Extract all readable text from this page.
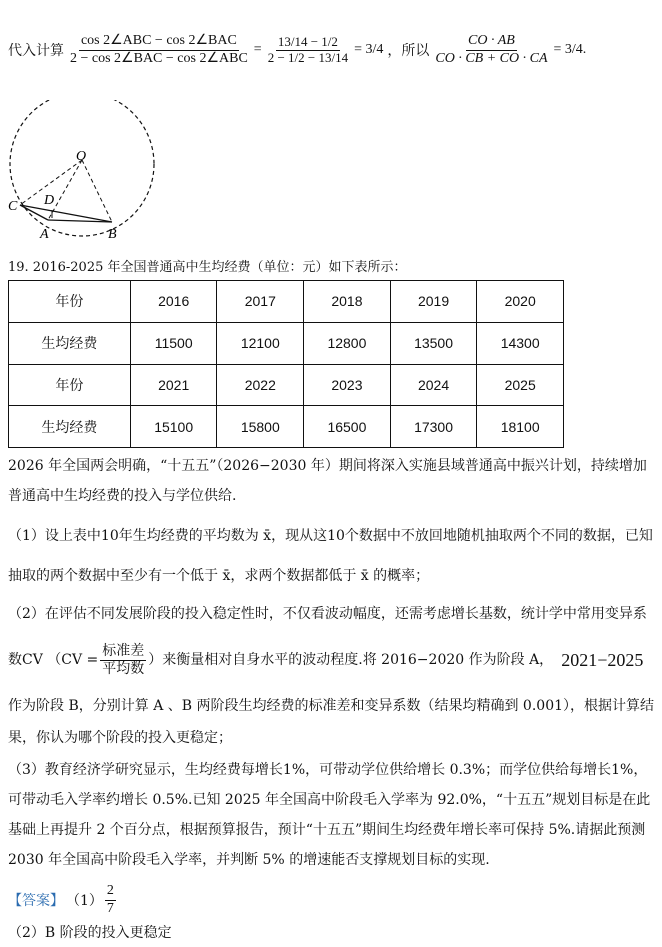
代入计算 $\frac{\text{cos 2∠ABC − cos 2∠BAC}}{\text{2 − cos 2∠BAC − cos 2∠ABC}} = \frac{13/14 - 1/2}{2 - 1/2 - 13/14} = 3/4$ ，所以 $\frac{CO \cdot AB}{CO \cdot CB + CO \cdot CA} = 3/4$.
O
C D
A	B
19. 2016-2025 年全国普通高中生均经费（单位：元）如下表所示：
年份	2016	2017	2018	2019	2020
生均经费	11500	12100	12800	13500	14300
年份	2021	2022	2023	2024	2025
生均经费	15100	15800	16500	17300	18100
2026 年全国两会明确，“十五五”（2026−2030 年）期间将深入实施县域普通高中振兴计划，持续增加
普通高中生均经费的投入与学位供给.
（1）设上表中10年生均经费的平均数为 x̄，现从这10个数据中不放回地随机抽取两个不同的数据，已知
抽取的两个数据中至少有一个低于 x̄，求两个数据都低于 x̄ 的概率；
（2）在评估不同发展阶段的投入稳定性时，不仅看波动幅度，还需考虑增长基数，统计学中常用变异系
数CV （$CV = \frac{\text{标准差}}{\text{平均数}}$ ）来衡量相对自身水平的波动程度.将 2016−2020 作为阶段 A， 2021−2025
作为阶段 B，分别计算 A 、B 两阶段生均经费的标准差和变异系数（结果均精确到 0.001），根据计算结
果，你认为哪个阶段的投入更稳定；
（3）教育经济学研究显示，生均经费每增长1%，可带动学位供给增长 0.3%；而学位供给每增长1%，
可带动毛入学率约增长 0.5%.已知 2025 年全国高中阶段毛入学率为 92.0%，“十五五”规划目标是在此
基础上再提升 2 个百分点，根据预算报告，预计“十五五”期间生均经费年增长率可保持 5%.请据此预测
2030 年全国高中阶段毛入学率，并判断 5% 的增速能否支撑规划目标的实现.
【答案】 $(1) \frac{2}{7}$
（2）B 阶段的投入更稳定
